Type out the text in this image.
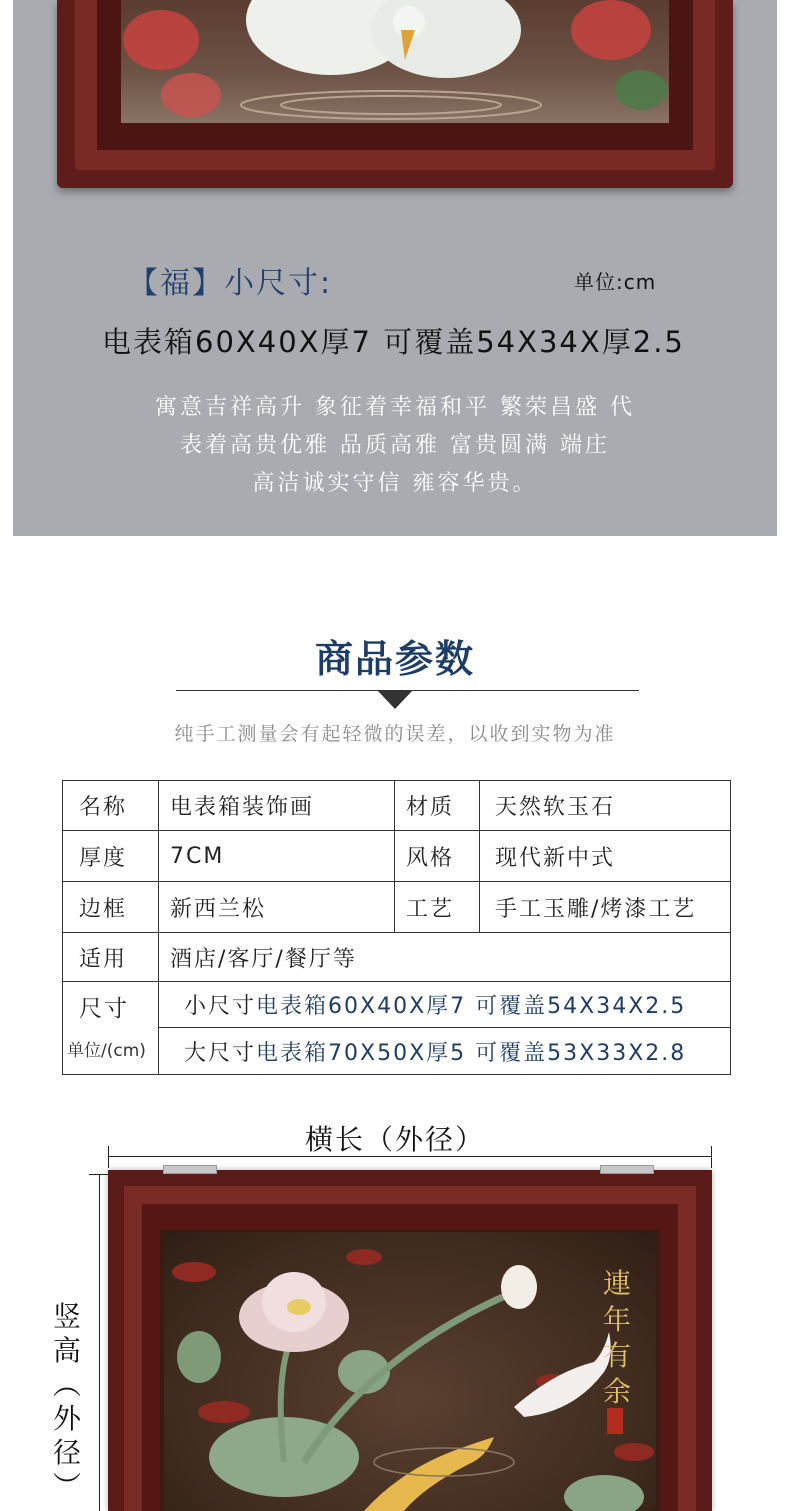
【福】小尺寸:	单位:cm
电表箱60X40X厚7 可覆盖54X34X厚2.5
寓意吉祥高升 象征着幸福和平 繁荣昌盛 代
表着高贵优雅 品质高雅 富贵圆满 端庄
高洁诚实守信 雍容华贵。
商品参数
纯手工测量会有起轻微的误差，以收到实物为准
名称 电表箱装饰画	材质 天然软玉石
厚度 7CM	风格 现代新中式
边框 新西兰松	工艺 手工玉雕/烤漆工艺
适用 酒店/客厅/餐厅等
尺寸
单位/(cm)
小尺寸 电表箱60X40X厚7 可覆盖54X34X2.5
大尺寸 电表箱70X50X厚5 可覆盖53X33X2.8
横长（外径）
竖
高
︵
外
径
︶
連
年
有
余
